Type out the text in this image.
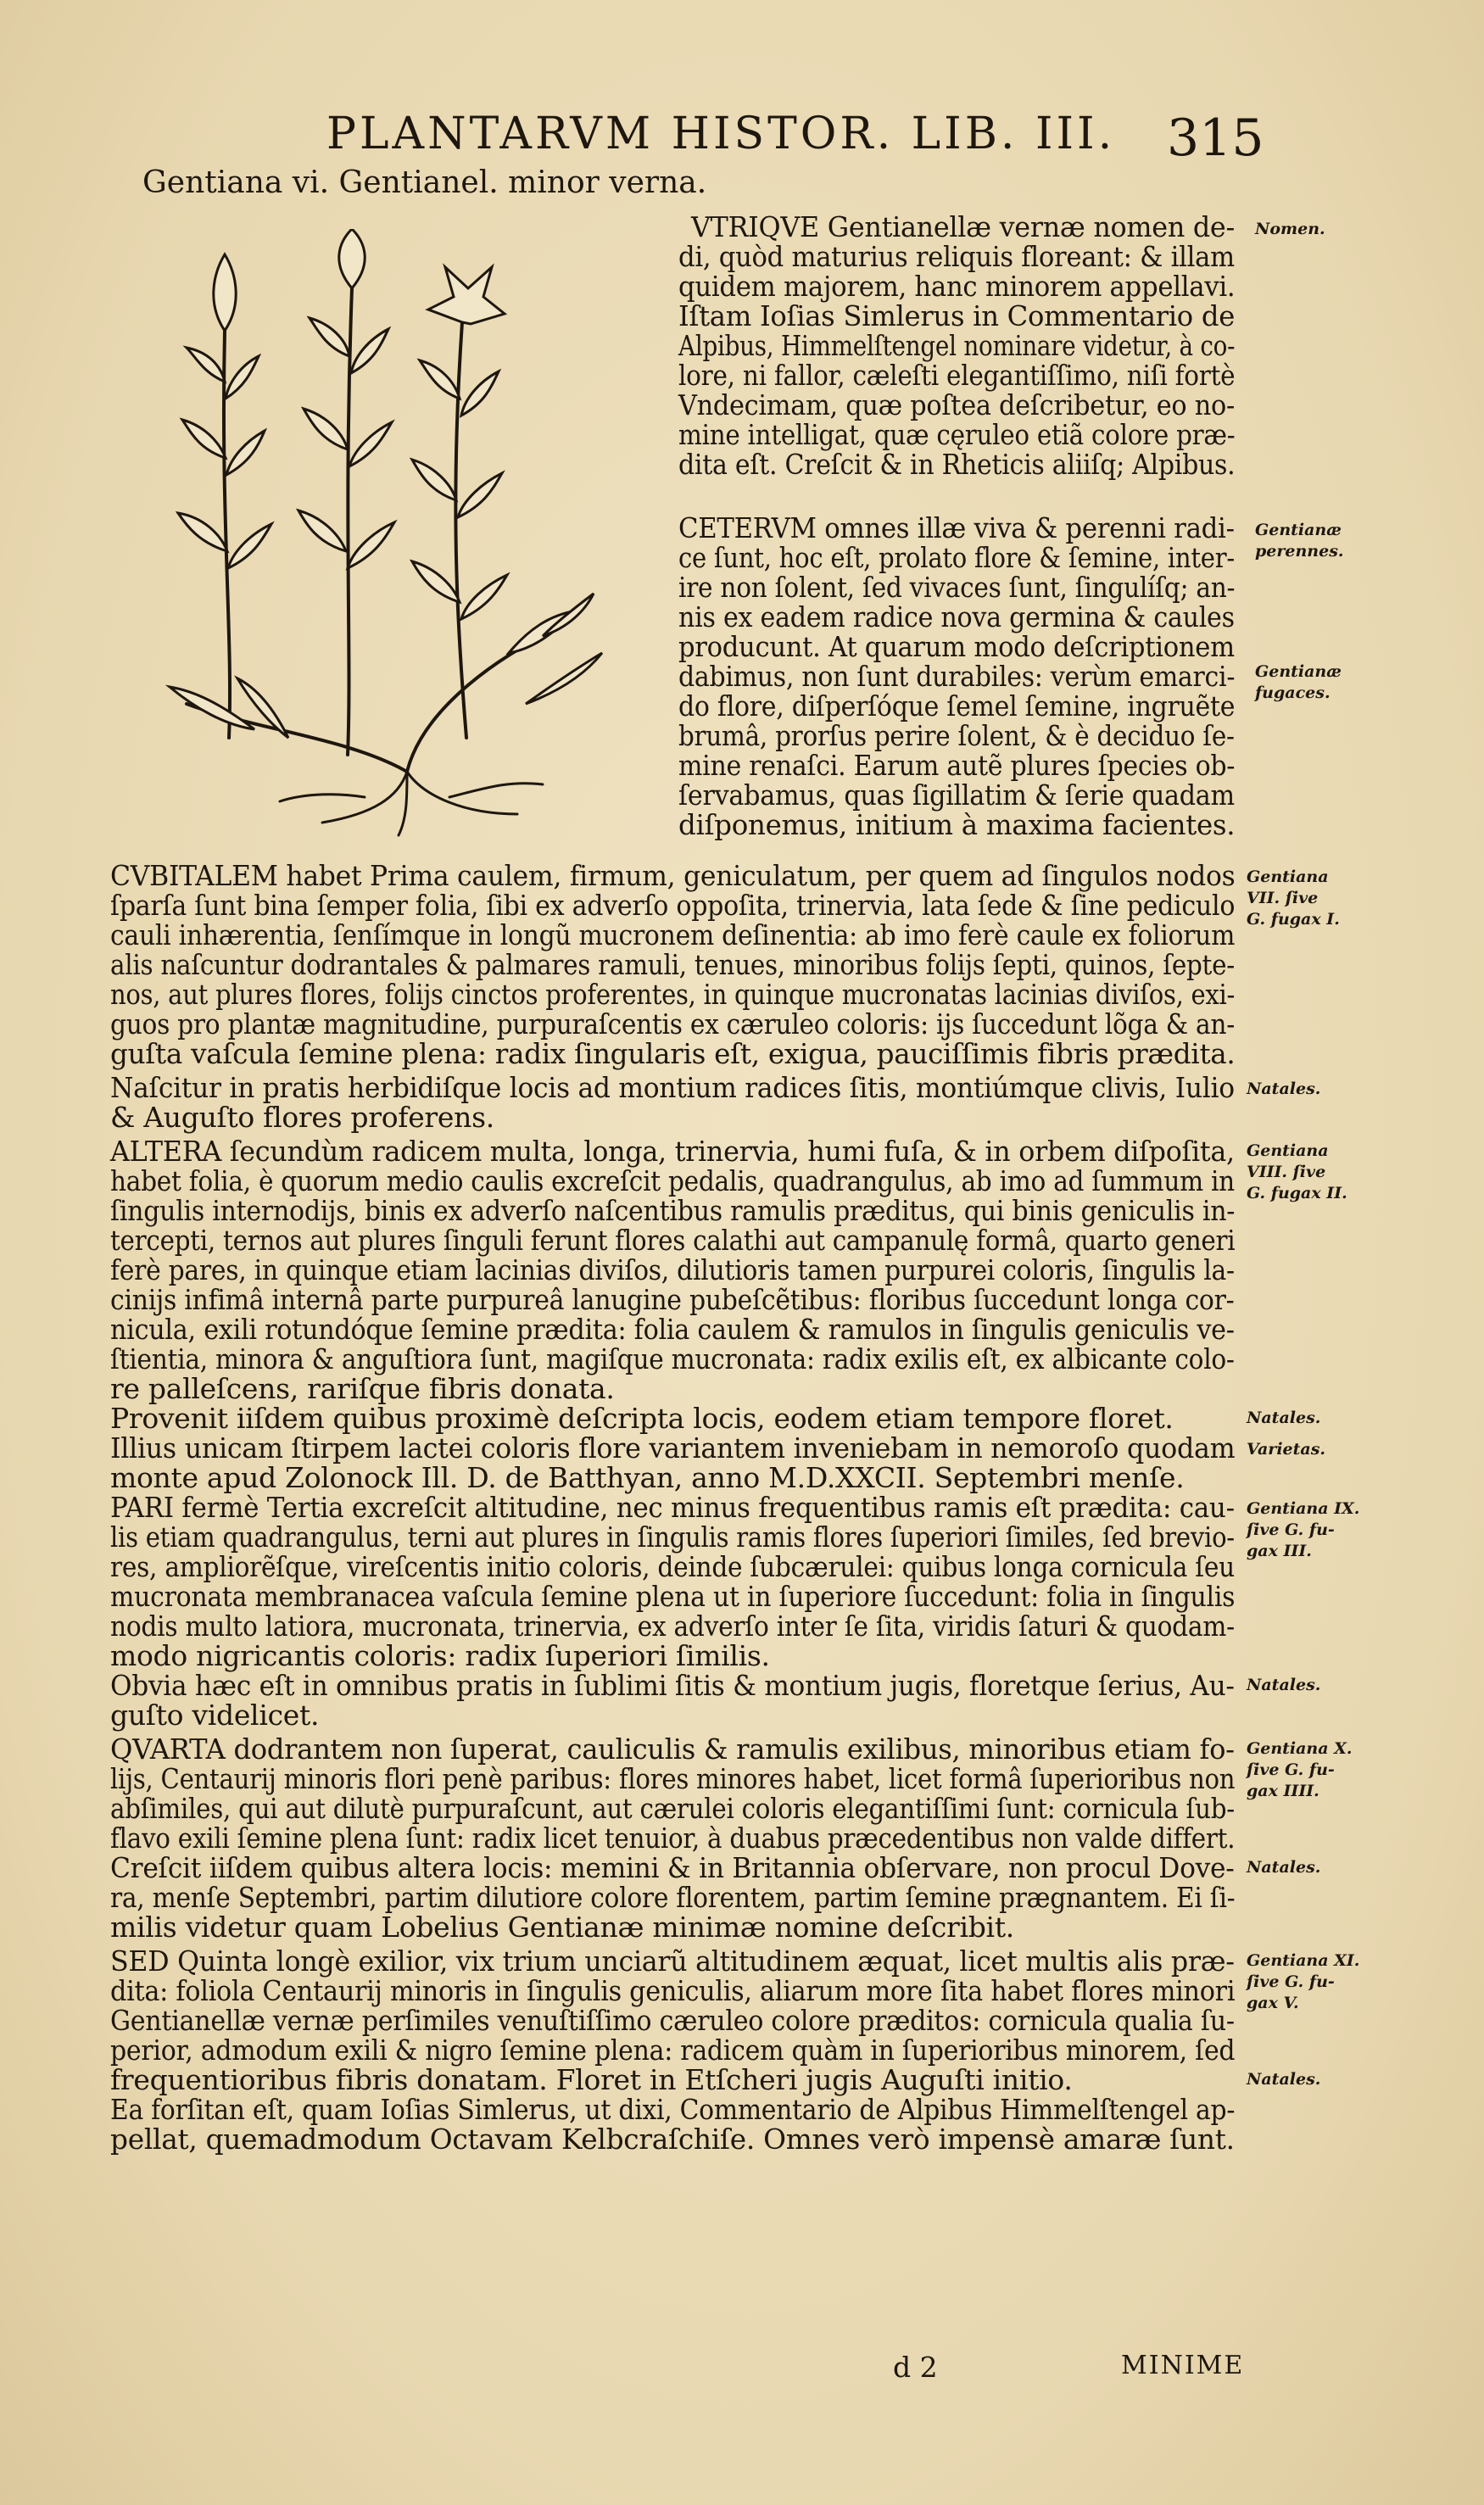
PLANTARVM HISTOR. LIB. III. 315
Gentiana vi. Gentianel. minor verna.

VTRIQVE Gentianellæ vernæ nomen de-

di, quòd maturius reliquis floreant: & illam

quidem majorem, hanc minorem appellavi.

Iſtam Ioſias Simlerus in Commentario de

Alpibus, Himmelſtengel nominare videtur, à co-

lore, ni fallor, cæleſti elegantiſſimo, niſi fortè

Vndecimam, quæ poſtea deſcribetur, eo no-

mine intelligat, quæ cęruleo etiã colore præ-

dita eſt. Creſcit & in Rheticis aliiſq; Alpibus.

CETERVM omnes illæ viva & perenni radi-

ce ſunt, hoc eſt, prolato flore & ſemine, inter-

ire non ſolent, ſed vivaces ſunt, ſingulíſq; an-

nis ex eadem radice nova germina & caules

producunt. At quarum modo deſcriptionem

dabimus, non ſunt durabiles: verùm emarci-

do flore, diſperſóque ſemel ſemine, ingruẽte

brumâ, prorſus perire ſolent, & è deciduo ſe-

mine renaſci. Earum autẽ plures ſpecies ob-

ſervabamus, quas ſigillatim & ſerie quadam

diſponemus, initium à maxima facientes.

CVBITALEM habet Prima caulem, firmum, geniculatum, per quem ad ſingulos nodos

ſparſa ſunt bina ſemper folia, ſibi ex adverſo oppoſita, trinervia, lata ſede & ſine pediculo

cauli inhærentia, ſenſímque in longũ mucronem deſinentia: ab imo ferè caule ex foliorum

alis naſcuntur dodrantales & palmares ramuli, tenues, minoribus folijs ſepti, quinos, ſepte-

nos, aut plures flores, folijs cinctos proferentes, in quinque mucronatas lacinias diviſos, exi-

guos pro plantæ magnitudine, purpuraſcentis ex cæruleo coloris: ijs ſuccedunt lõga & an-

guſta vaſcula ſemine plena: radix ſingularis eſt, exigua, pauciſſimis fibris prædita.

Naſcitur in pratis herbidiſque locis ad montium radices ſitis, montiúmque clivis, Iulio

& Auguſto flores proferens.

ALTERA ſecundùm radicem multa, longa, trinervia, humi fuſa, & in orbem diſpoſita,

habet folia, è quorum medio caulis excreſcit pedalis, quadrangulus, ab imo ad ſummum in

ſingulis internodijs, binis ex adverſo naſcentibus ramulis præditus, qui binis geniculis in-

tercepti, ternos aut plures ſinguli ferunt flores calathi aut campanulę formâ, quarto generi

ferè pares, in quinque etiam lacinias diviſos, dilutioris tamen purpurei coloris, ſingulis la-

cinijs infimâ internâ parte purpureâ lanugine pubeſcẽtibus: floribus ſuccedunt longa cor-

nicula, exili rotundóque ſemine prædita: folia caulem & ramulos in ſingulis geniculis ve-

ſtientia, minora & anguſtiora ſunt, magiſque mucronata: radix exilis eſt, ex albicante colo-

re palleſcens, rariſque fibris donata.

Provenit iiſdem quibus proximè deſcripta locis, eodem etiam tempore floret.

Illius unicam ſtirpem lactei coloris flore variantem inveniebam in nemoroſo quodam

monte apud Zolonock Ill. D. de Batthyan, anno M.D.XXCII. Septembri menſe.

PARI fermè Tertia excreſcit altitudine, nec minus frequentibus ramis eſt prædita: cau-

lis etiam quadrangulus, terni aut plures in ſingulis ramis flores ſuperiori ſimiles, ſed brevio-

res, ampliorẽſque, vireſcentis initio coloris, deinde ſubcærulei: quibus longa cornicula ſeu

mucronata membranacea vaſcula ſemine plena ut in ſuperiore ſuccedunt: folia in ſingulis

nodis multo latiora, mucronata, trinervia, ex adverſo inter ſe ſita, viridis ſaturi & quodam-

modo nigricantis coloris: radix ſuperiori ſimilis.

Obvia hæc eſt in omnibus pratis in ſublimi ſitis & montium jugis, floretque ſerius, Au-

guſto videlicet.

QVARTA dodrantem non ſuperat, cauliculis & ramulis exilibus, minoribus etiam fo-

lijs, Centaurij minoris flori penè paribus: flores minores habet, licet formâ ſuperioribus non

abſimiles, qui aut dilutè purpuraſcunt, aut cærulei coloris elegantiſſimi ſunt: cornicula ſub-

flavo exili ſemine plena ſunt: radix licet tenuior, à duabus præcedentibus non valde differt.

Creſcit iiſdem quibus altera locis: memini & in Britannia obſervare, non procul Dove-

ra, menſe Septembri, partim dilutiore colore florentem, partim ſemine prægnantem. Ei ſi-

milis videtur quam Lobelius Gentianæ minimæ nomine deſcribit.

SED Quinta longè exilior, vix trium unciarũ altitudinem æquat, licet multis alis præ-

dita: foliola Centaurij minoris in ſingulis geniculis, aliarum more ſita habet flores minori

Gentianellæ vernæ perſimiles venuſtiſſimo cæruleo colore præditos: cornicula qualia ſu-

perior, admodum exili & nigro ſemine plena: radicem quàm in ſuperioribus minorem, ſed

frequentioribus fibris donatam. Floret in Etſcheri jugis Auguſti initio.

Ea forſitan eſt, quam Ioſias Simlerus, ut dixi, Commentario de Alpibus Himmelſtengel ap-

pellat, quemadmodum Octavam Kelbcraſchiſe. Omnes verò impensè amaræ ſunt.

Nomen.

Gentianæ

perennes.

Gentianæ

fugaces.

Gentiana

VII. ſive

G. fugax I.

Natales.

Gentiana

VIII. ſive

G. fugax II.

Natales.

Varietas.

Gentiana IX.

ſive G. fu-

gax III.

Natales.

Gentiana X.

ſive G. fu-

gax IIII.

Natales.

Gentiana XI.

ſive G. fu-

gax V.

Natales.

d 2	MINIME
